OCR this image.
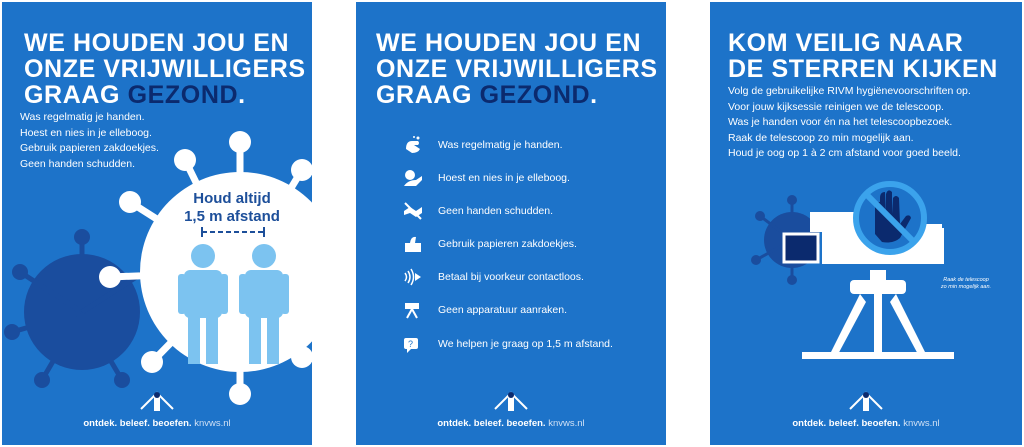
WE HOUDEN JOU EN
ONZE VRIJWILLIGERS
GRAAG GEZOND.
Was regelmatig je handen.
Hoest en nies in je elleboog.
Gebruik papieren zakdoekjes.
Geen handen schudden.
Houd altijd
1,5 m afstand
ontdek. beleef. beoefen. knvws.nl
WE HOUDEN JOU EN
ONZE VRIJWILLIGERS
GRAAG GEZOND.
Was regelmatig je handen.
Hoest en nies in je elleboog.
Geen handen schudden.
Gebruik papieren zakdoekjes.
Betaal bij voorkeur contactloos.
Geen apparatuur aanraken.
? We helpen je graag op 1,5 m afstand.
ontdek. beleef. beoefen. knvws.nl
KOM VEILIG NAAR
DE STERREN KIJKEN
Volg de gebruikelijke RIVM hygiënevoorschriften op.
Voor jouw kijksessie reinigen we de telescoop.
Was je handen voor én na het telescoopbezoek.
Raak de telescoop zo min mogelijk aan.
Houd je oog op 1 à 2 cm afstand voor goed beeld.
Raak de telescoop
zo min mogelijk aan.
ontdek. beleef. beoefen. knvws.nl
